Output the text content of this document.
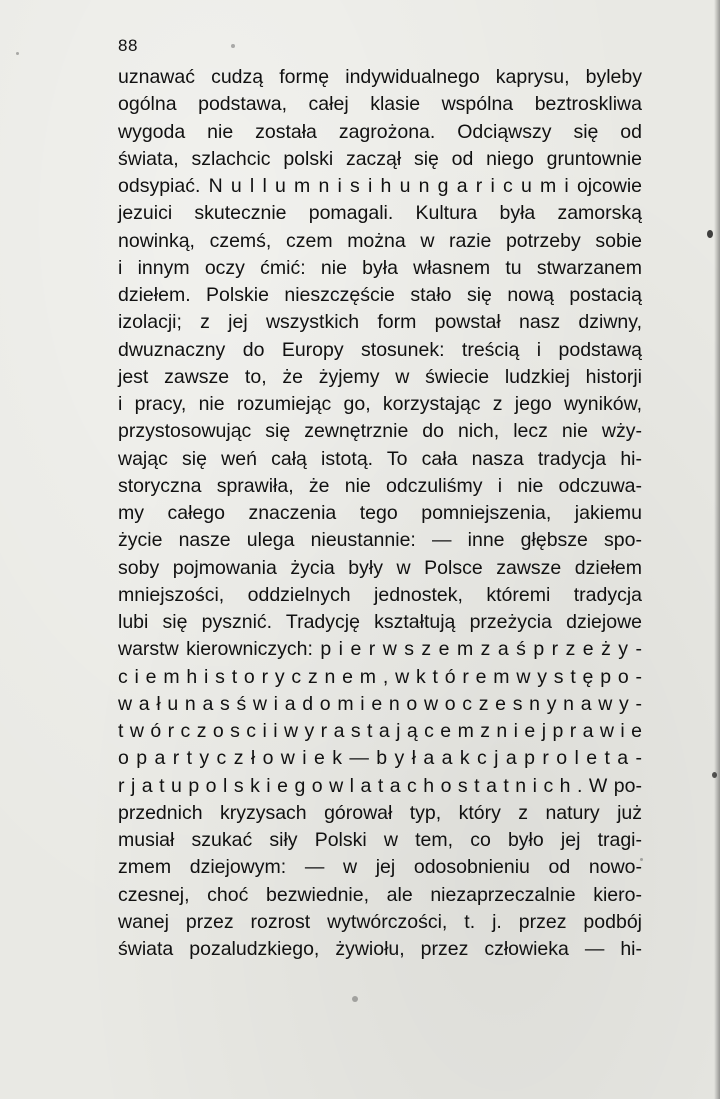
88
uznawać cudzą formę indywidualnego kaprysu, byleby
ogólna podstawa, całej klasie wspólna beztroskliwa
wygoda nie została zagrożona. Odciąwszy się od
świata, szlachcic polski zaczął się od niego gruntownie
odsypiać. N u l l u m n i s i h u n g a r i c u m i ojcowie
jezuici skutecznie pomagali. Kultura była zamorską
nowinką, czemś, czem można w razie potrzeby sobie
i innym oczy ćmić: nie była własnem tu stwarzanem
dziełem. Polskie nieszczęście stało się nową postacią
izolacji; z jej wszystkich form powstał nasz dziwny,
dwuznaczny do Europy stosunek: treścią i podstawą
jest zawsze to, że żyjemy w świecie ludzkiej historji
i pracy, nie rozumiejąc go, korzystając z jego wyników,
przystosowując się zewnętrznie do nich, lecz nie wży-
wając się weń całą istotą. To cała nasza tradycja hi-
storyczna sprawiła, że nie odczuliśmy i nie odczuwa-
my całego znaczenia tego pomniejszenia, jakiemu
życie nasze ulega nieustannie: — inne głębsze spo-
soby pojmowania życia były w Polsce zawsze dziełem
mniejszości, oddzielnych jednostek, któremi tradycja
lubi się pysznić. Tradycję kształtują przeżycia dziejowe
warstw kierowniczych: p i e r w s z e m z a ś p r z e ż y -
c i e m h i s t o r y c z n e m , w k t ó r e m w y s t ę p o -
w a ł u n a s ś w i a d o m i e n o w o c z e s n y n a w y -
t w ó r c z o s c i i w y r a s t a j ą c e m z n i e j p r a w i e
o p a r t y c z ł o w i e k — b y ł a a k c j a p r o l e t a -
r j a t u p o l s k i e g o w l a t a c h o s t a t n i c h . W po-
przednich kryzysach górował typ, który z natury już
musiał szukać siły Polski w tem, co było jej tragi-
zmem dziejowym: — w jej odosobnieniu od nowo-
czesnej, choć bezwiednie, ale niezaprzeczalnie kiero-
wanej przez rozrost wytwórczości, t. j. przez podbój
świata pozaludzkiego, żywiołu, przez człowieka — hi-
